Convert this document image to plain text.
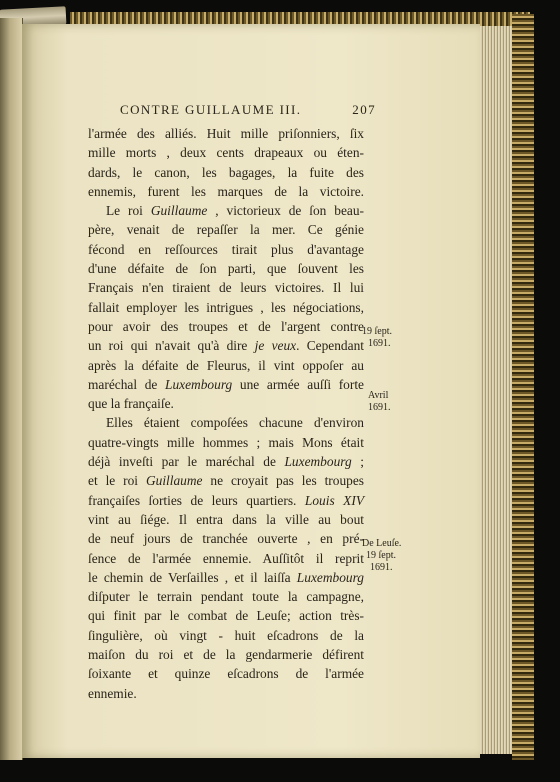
CONTRE GUILLAUME III.	207
l'armée des alliés. Huit mille priſonniers, ſix
mille morts , deux cents drapeaux ou éten-
dards, le canon, les bagages, la fuite des
ennemis, furent les marques de la victoire.
Le roi Guillaume , victorieux de ſon beau-
père, venait de repaſſer la mer. Ce génie
fécond en reſſources tirait plus d'avantage
d'une défaite de ſon parti, que ſouvent les
Français n'en tiraient de leurs victoires. Il lui
fallait employer les intrigues , les négociations,
pour avoir des troupes et de l'argent contre
un roi qui n'avait qu'à dire je veux. Cependant
après la défaite de Fleurus, il vint oppoſer au
maréchal de Luxembourg une armée auſſi forte
que la françaiſe.
Elles étaient compoſées chacune d'environ
quatre-vingts mille hommes ; mais Mons était
déjà inveſti par le maréchal de Luxembourg ;
et le roi Guillaume ne croyait pas les troupes
françaiſes ſorties de leurs quartiers. Louis XIV
vint au ſiége. Il entra dans la ville au bout
de neuf jours de tranchée ouverte , en pré-
ſence de l'armée ennemie. Auſſitôt il reprit
le chemin de Verſailles , et il laiſſa Luxembourg
diſputer le terrain pendant toute la campagne,
qui finit par le combat de Leuſe; action très-
ſingulière, où vingt - huit eſcadrons de la
maiſon du roi et de la gendarmerie défirent
ſoixante et quinze eſcadrons de l'armée
ennemie.
19 ſept.
1691.
Avril
1691.
De Leuſe.
19 ſept.
1691.
